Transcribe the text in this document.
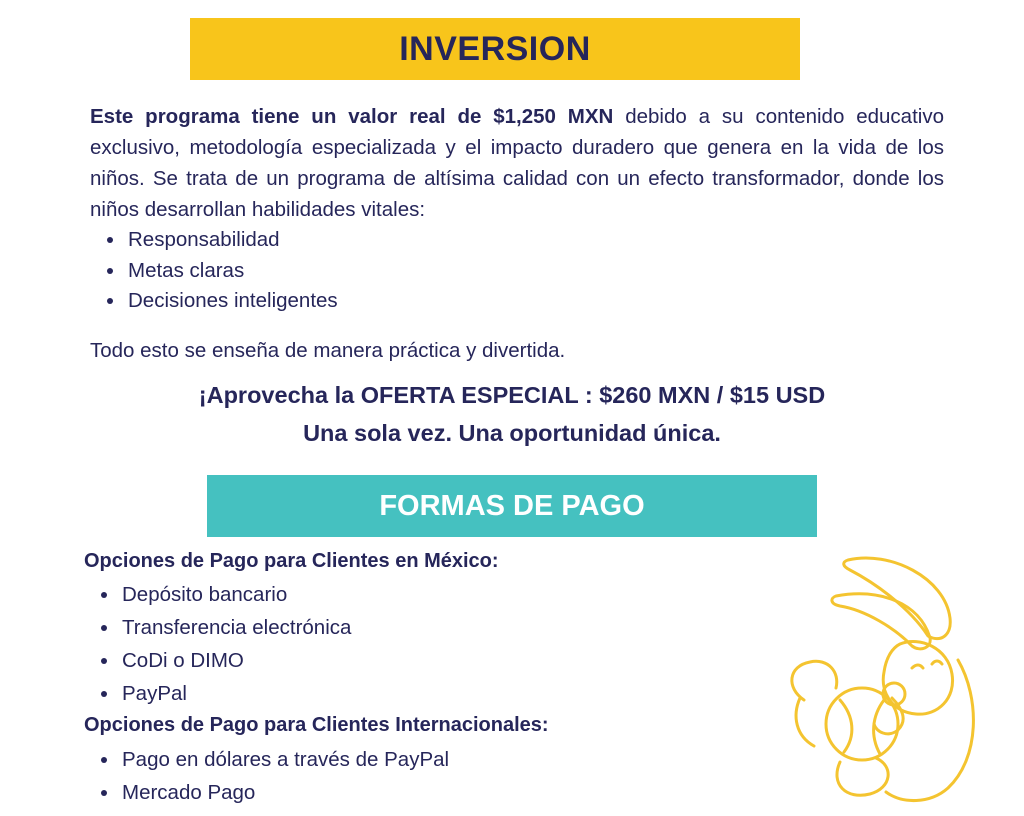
INVERSION

Este programa tiene un valor real de $1,250 MXN debido a su contenido educativo exclusivo, metodología especializada y el impacto duradero que genera en la vida de los niños. Se trata de un programa de altísima calidad con un efecto transformador, donde los niños desarrollan habilidades vitales:

Responsabilidad
Metas claras
Decisiones inteligentes

Todo esto se enseña de manera práctica y divertida.

¡Aprovecha la OFERTA ESPECIAL : $260 MXN / $15 USD

Una sola vez. Una oportunidad única.

FORMAS DE PAGO

Opciones de Pago para Clientes en México:

Depósito bancario
Transferencia electrónica
CoDi o DIMO
PayPal

Opciones de Pago para Clientes Internacionales:

Pago en dólares a través de PayPal
Mercado Pago
